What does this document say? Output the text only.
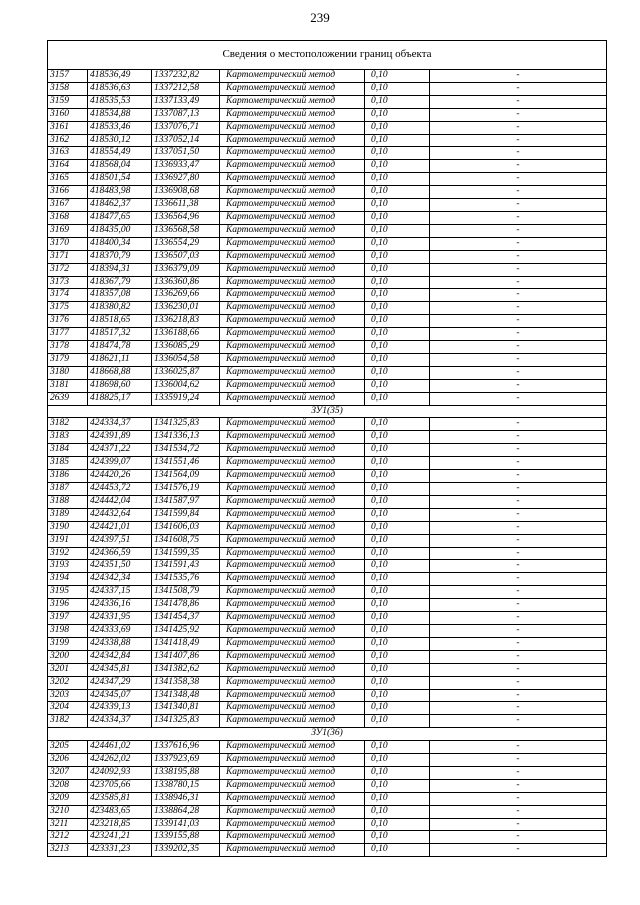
239
Сведения о местоположении границ объекта					
3157	418536,49	1337232,82	Картометрический метод	0,10	-
3158	418536,63	1337212,58	Картометрический метод	0,10	-
3159	418535,53	1337133,49	Картометрический метод	0,10	-
3160	418534,88	1337087,13	Картометрический метод	0,10	-
3161	418533,46	1337076,71	Картометрический метод	0,10	-
3162	418530,12	1337052,14	Картометрический метод	0,10	-
3163	418554,49	1337051,50	Картометрический метод	0,10	-
3164	418568,04	1336933,47	Картометрический метод	0,10	-
3165	418501,54	1336927,80	Картометрический метод	0,10	-
3166	418483,98	1336908,68	Картометрический метод	0,10	-
3167	418462,37	1336611,38	Картометрический метод	0,10	-
3168	418477,65	1336564,96	Картометрический метод	0,10	-
3169	418435,00	1336568,58	Картометрический метод	0,10	-
3170	418400,34	1336554,29	Картометрический метод	0,10	-
3171	418370,79	1336507,03	Картометрический метод	0,10	-
3172	418394,31	1336379,09	Картометрический метод	0,10	-
3173	418367,79	1336360,86	Картометрический метод	0,10	-
3174	418357,08	1336269,66	Картометрический метод	0,10	-
3175	418380,82	1336230,01	Картометрический метод	0,10	-
3176	418518,65	1336218,83	Картометрический метод	0,10	-
3177	418517,32	1336188,66	Картометрический метод	0,10	-
3178	418474,78	1336085,29	Картометрический метод	0,10	-
3179	418621,11	1336054,58	Картометрический метод	0,10	-
3180	418668,88	1336025,87	Картометрический метод	0,10	-
3181	418698,60	1336004,62	Картометрический метод	0,10	-
2639	418825,17	1335919,24	Картометрический метод	0,10	-
ЗУ1(35)					
3182	424334,37	1341325,83	Картометрический метод	0,10	-
3183	424391,89	1341336,13	Картометрический метод	0,10	-
3184	424371,22	1341534,72	Картометрический метод	0,10	-
3185	424399,07	1341551,46	Картометрический метод	0,10	-
3186	424420,26	1341564,09	Картометрический метод	0,10	-
3187	424453,72	1341576,19	Картометрический метод	0,10	-
3188	424442,04	1341587,97	Картометрический метод	0,10	-
3189	424432,64	1341599,84	Картометрический метод	0,10	-
3190	424421,01	1341606,03	Картометрический метод	0,10	-
3191	424397,51	1341608,75	Картометрический метод	0,10	-
3192	424366,59	1341599,35	Картометрический метод	0,10	-
3193	424351,50	1341591,43	Картометрический метод	0,10	-
3194	424342,34	1341535,76	Картометрический метод	0,10	-
3195	424337,15	1341508,79	Картометрический метод	0,10	-
3196	424336,16	1341478,86	Картометрический метод	0,10	-
3197	424331,95	1341454,37	Картометрический метод	0,10	-
3198	424333,69	1341425,92	Картометрический метод	0,10	-
3199	424338,88	1341418,49	Картометрический метод	0,10	-
3200	424342,84	1341407,86	Картометрический метод	0,10	-
3201	424345,81	1341382,62	Картометрический метод	0,10	-
3202	424347,29	1341358,38	Картометрический метод	0,10	-
3203	424345,07	1341348,48	Картометрический метод	0,10	-
3204	424339,13	1341340,81	Картометрический метод	0,10	-
3182	424334,37	1341325,83	Картометрический метод	0,10	-
ЗУ1(36)					
3205	424461,02	1337616,96	Картометрический метод	0,10	-
3206	424262,02	1337923,69	Картометрический метод	0,10	-
3207	424092,93	1338195,88	Картометрический метод	0,10	-
3208	423705,66	1338780,15	Картометрический метод	0,10	-
3209	423585,81	1338946,31	Картометрический метод	0,10	-
3210	423483,65	1338864,28	Картометрический метод	0,10	-
3211	423218,85	1339141,03	Картометрический метод	0,10	-
3212	423241,21	1339155,88	Картометрический метод	0,10	-
3213	423331,23	1339202,35	Картометрический метод	0,10	-
